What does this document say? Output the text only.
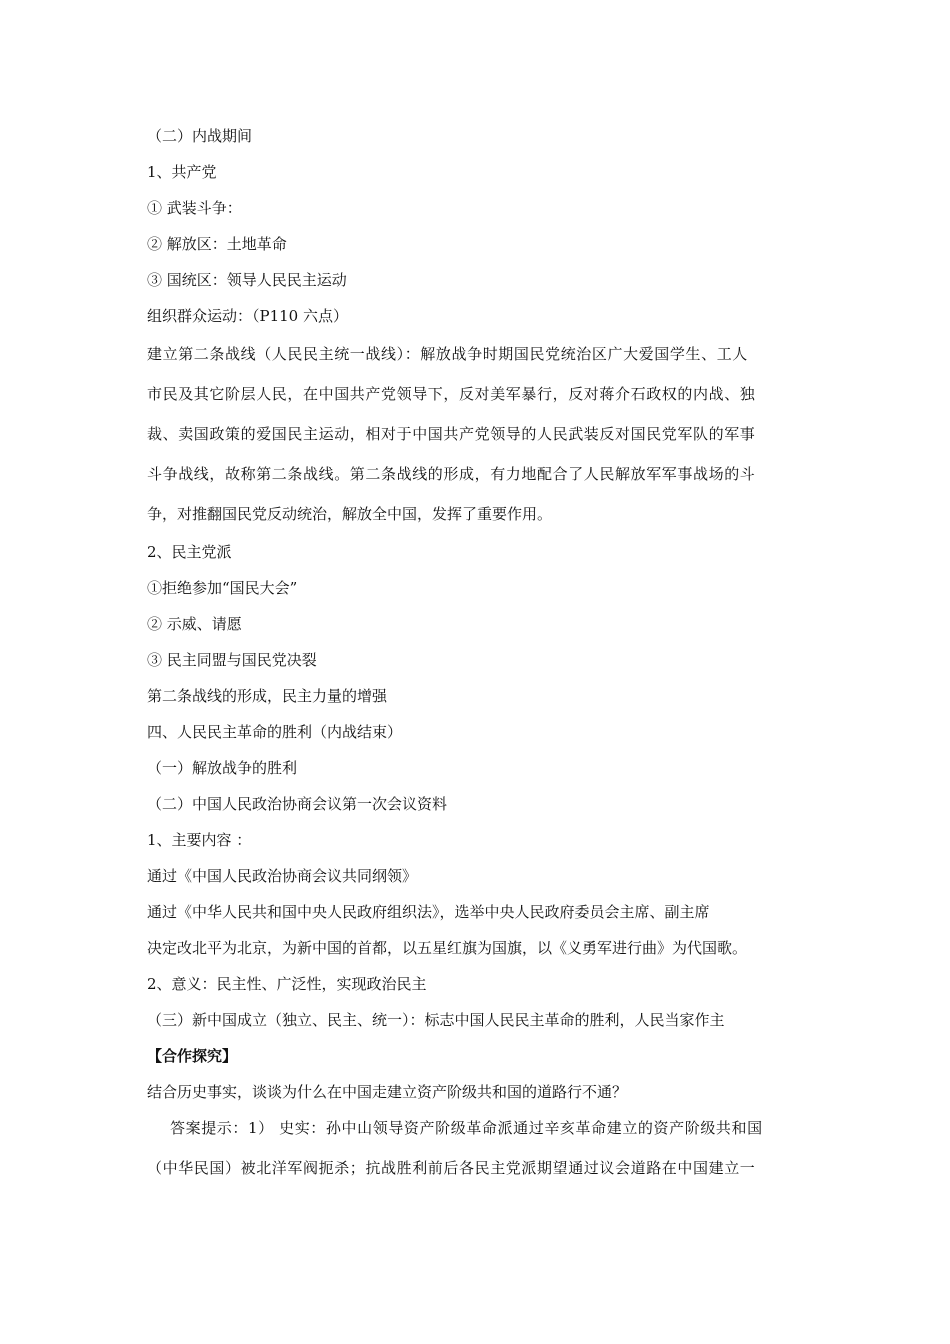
（二）内战期间
1、共产党
① 武装斗争：
② 解放区：土地革命
③ 国统区：领导人民民主运动
组织群众运动：（P110 六点）
建立第二条战线（人民民主统一战线）：解放战争时期国民党统治区广大爱国学生、工人
市民及其它阶层人民，在中国共产党领导下，反对美军暴行，反对蒋介石政权的内战、独
裁、卖国政策的爱国民主运动，相对于中国共产党领导的人民武装反对国民党军队的军事
斗争战线，故称第二条战线。第二条战线的形成，有力地配合了人民解放军军事战场的斗
争，对推翻国民党反动统治，解放全中国，发挥了重要作用。
2、民主党派
①拒绝参加“国民大会”
② 示威、请愿
③ 民主同盟与国民党决裂
第二条战线的形成，民主力量的增强
四、人民民主革命的胜利（内战结束）
（一）解放战争的胜利
（二）中国人民政治协商会议第一次会议资料
1、主要内容 ：
通过《中国人民政治协商会议共同纲领》
通过《中华人民共和国中央人民政府组织法》，选举中央人民政府委员会主席、副主席
决定改北平为北京，为新中国的首都，以五星红旗为国旗，以《义勇军进行曲》为代国歌。
2、意义：民主性、广泛性，实现政治民主
（三）新中国成立（独立、民主、统一）：标志中国人民民主革命的胜利，人民当家作主
【合作探究】
结合历史事实，谈谈为什么在中国走建立资产阶级共和国的道路行不通？
答案提示：1） 史实：孙中山领导资产阶级革命派通过辛亥革命建立的资产阶级共和国
（中华民国）被北洋军阀扼杀；抗战胜利前后各民主党派期望通过议会道路在中国建立一
